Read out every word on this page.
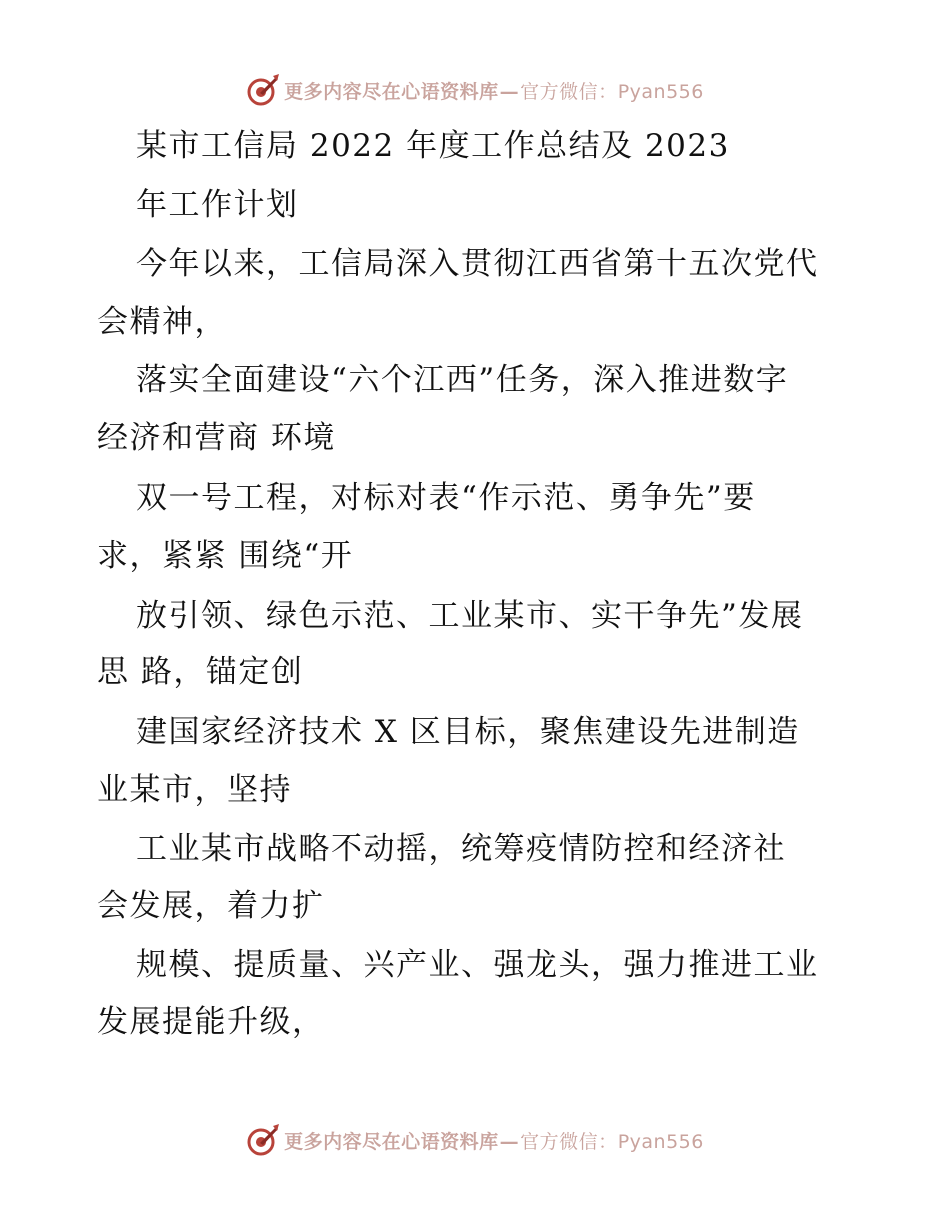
更多内容尽在心语资料库—官方微信：Pyan556
某市工信局 2022 年度工作总结及 2023
年工作计划
今年以来，工信局深入贯彻江西省第十五次党代
会精神，
落实全面建设“六个江西”任务，深入推进数字
经济和营商 环境
双一号工程，对标对表“作示范、勇争先”要
求，紧紧 围绕“开
放引领、绿色示范、工业某市、实干争先”发展
思 路，锚定创
建国家经济技术 X 区目标，聚焦建设先进制造
业某市，坚持
工业某市战略不动摇，统筹疫情防控和经济社
会发展，着力扩
规模、提质量、兴产业、强龙头，强力推进工业
发展提能升级，
更多内容尽在心语资料库—官方微信：Pyan556
